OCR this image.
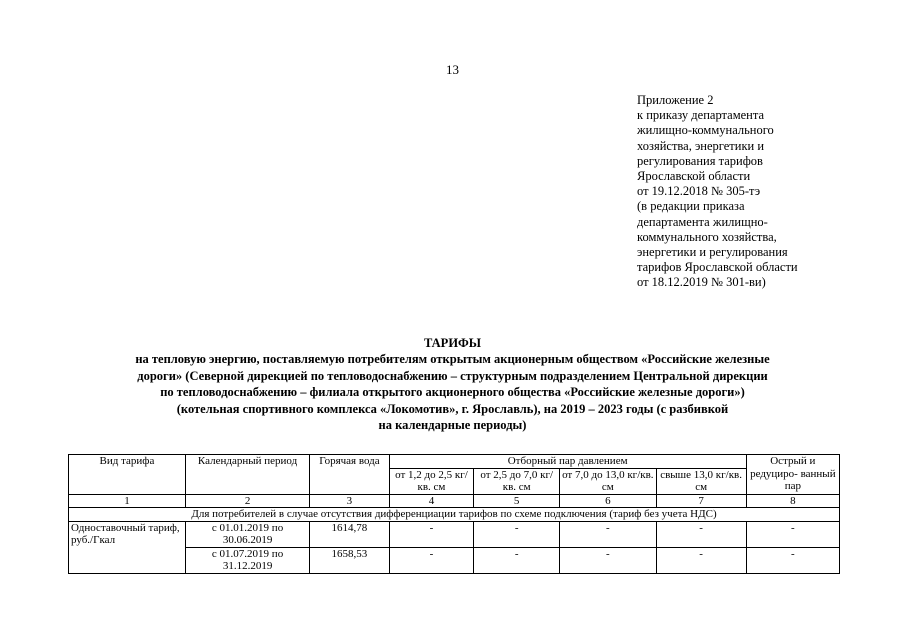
13
Приложение 2
к приказу департамента
жилищно-коммунального
хозяйства, энергетики и
регулирования тарифов
Ярославской области
от 19.12.2018 № 305-тэ
(в редакции приказа
департамента жилищно-
коммунального хозяйства,
энергетики и регулирования
тарифов Ярославской области
от 18.12.2019 № 301-ви)
ТАРИФЫ
на тепловую энергию, поставляемую потребителям открытым акционерным обществом «Российские железные
дороги» (Северной дирекцией по тепловодоснабжению – структурным подразделением Центральной дирекции
по тепловодоснабжению – филиала открытого акционерного общества «Российские железные дороги»)
(котельная спортивного комплекса «Локомотив», г. Ярославль), на 2019 – 2023 годы (с разбивкой
на календарные периоды)
Вид тарифа	Календарный период	Горячая вода	Отборный пар давлением				Острый и редуциро- ванный пар
			от 1,2 до 2,5 кг/кв. см	от 2,5 до 7,0 кг/кв. см	от 7,0 до 13,0 кг/кв. см	свыше 13,0 кг/кв. см	
1	2	3	4	5	6	7	8
Для потребителей в случае отсутствия дифференциации тарифов по схеме подключения (тариф без учета НДС)							
Одноставочный тариф, руб./Гкал	с 01.01.2019 по 30.06.2019	1614,78	-	-	-	-	-
	с 01.07.2019 по 31.12.2019	1658,53	-	-	-	-	-
